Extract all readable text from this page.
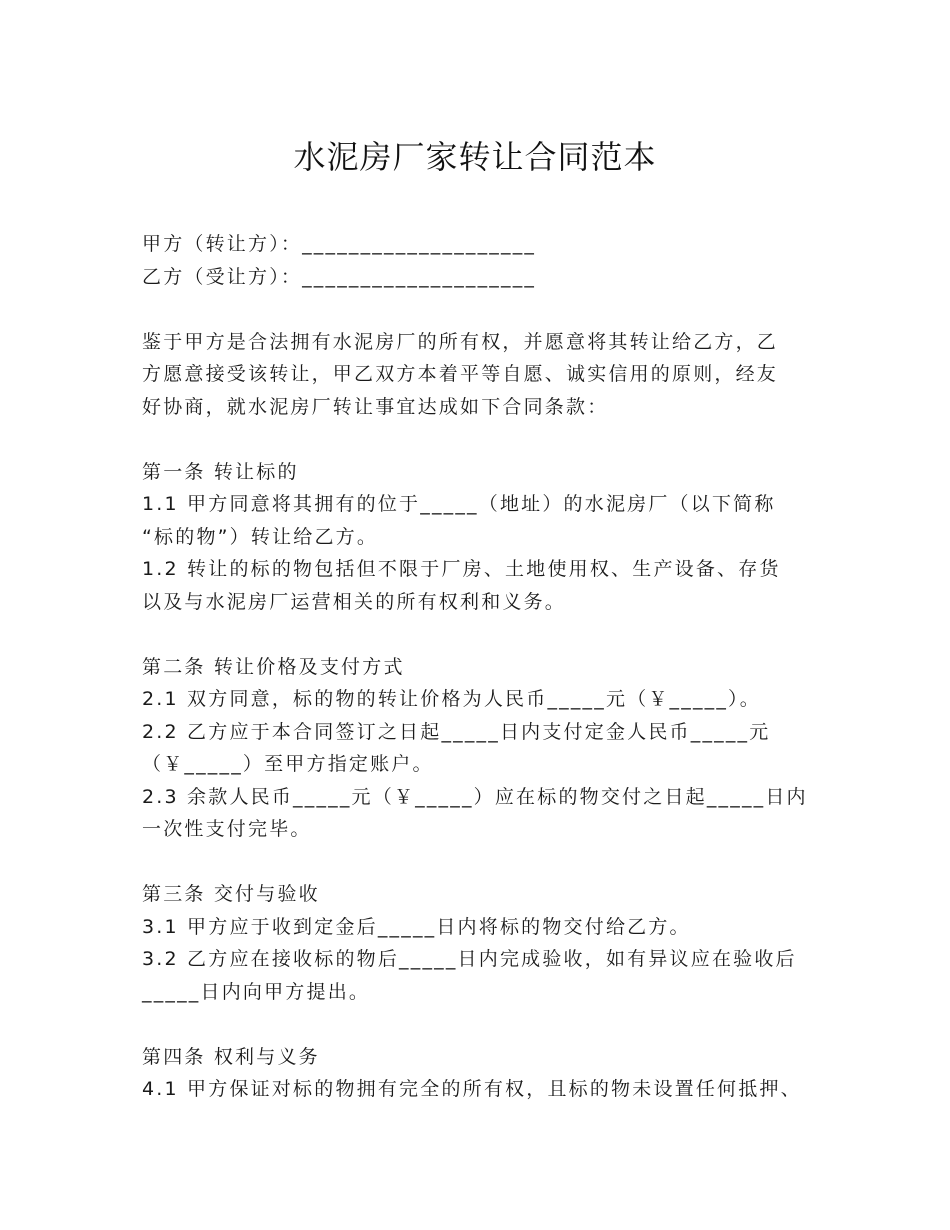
水泥房厂家转让合同范本
甲方（转让方）：____________________
乙方（受让方）：____________________
鉴于甲方是合法拥有水泥房厂的所有权，并愿意将其转让给乙方，乙
方愿意接受该转让，甲乙双方本着平等自愿、诚实信用的原则，经友
好协商，就水泥房厂转让事宜达成如下合同条款：
第一条 转让标的
1.1 甲方同意将其拥有的位于_____（地址）的水泥房厂（以下简称
“标的物”）转让给乙方。
1.2 转让的标的物包括但不限于厂房、土地使用权、生产设备、存货
以及与水泥房厂运营相关的所有权利和义务。
第二条 转让价格及支付方式
2.1 双方同意，标的物的转让价格为人民币_____元（￥_____）。
2.2 乙方应于本合同签订之日起_____日内支付定金人民币_____元
（￥_____）至甲方指定账户。
2.3 余款人民币_____元（￥_____）应在标的物交付之日起_____日内
一次性支付完毕。
第三条 交付与验收
3.1 甲方应于收到定金后_____日内将标的物交付给乙方。
3.2 乙方应在接收标的物后_____日内完成验收，如有异议应在验收后
_____日内向甲方提出。
第四条 权利与义务
4.1 甲方保证对标的物拥有完全的所有权，且标的物未设置任何抵押、
